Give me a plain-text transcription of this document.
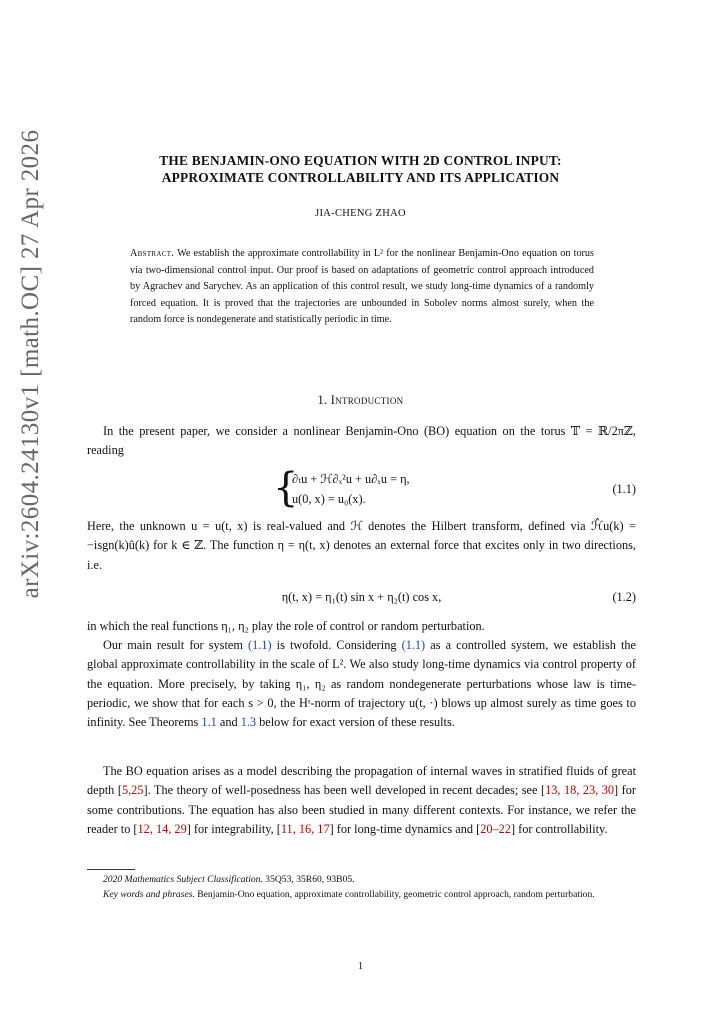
arXiv:2604.24130v1 [math.OC] 27 Apr 2026	THE BENJAMIN-ONO EQUATION WITH 2D CONTROL INPUT:
APPROXIMATE CONTROLLABILITY AND ITS APPLICATION
JIA-CHENG ZHAO
Abstract. We establish the approximate controllability in L² for the nonlinear Benjamin-Ono equation on torus via two-dimensional control input. Our proof is based on adaptations of geometric control approach introduced by Agrachev and Sarychev. As an application of this control result, we study long-time dynamics of a randomly forced equation. It is proved that the trajectories are unbounded in Sobolev norms almost surely, when the random force is nondegenerate and statistically periodic in time.
1. Introduction

In the present paper, we consider a nonlinear Benjamin-Ono (BO) equation on the torus 𝕋 = ℝ/2πℤ, reading

{
∂ₜu + ℋ∂ₓ²u + u∂ₓu = η,
u(0, x) = u₀(x).
(1.1)

Here, the unknown u = u(t, x) is real-valued and ℋ denotes the Hilbert transform, defined via ℋ̂u(k) = −isgn(k)û(k) for k ∈ ℤ. The function η = η(t, x) denotes an external force that excites only in two directions, i.e.

η(t, x) = η₁(t) sin x + η₂(t) cos x,	(1.2)

in which the real functions η₁, η₂ play the role of control or random perturbation.

Our main result for system (1.1) is twofold. Considering (1.1) as a controlled system, we establish the global approximate controllability in the scale of L². We also study long-time dynamics via control property of the equation. More precisely, by taking η₁, η₂ as random nondegenerate perturbations whose law is time-periodic, we show that for each s > 0, the Hˢ-norm of trajectory u(t, ·) blows up almost surely as time goes to infinity. See Theorems 1.1 and 1.3 below for exact version of these results.

The BO equation arises as a model describing the propagation of internal waves in stratified fluids of great depth [5,25]. The theory of well-posedness has been well developed in recent decades; see [13, 18, 23, 30] for some contributions. The equation has also been studied in many different contexts. For instance, we refer the reader to [12, 14, 29] for integrability, [11, 16, 17] for long-time dynamics and [20–22] for controllability.

2020 Mathematics Subject Classification. 35Q53, 35R60, 93B05.
Key words and phrases. Benjamin-Ono equation, approximate controllability, geometric control approach, random perturbation.
1
